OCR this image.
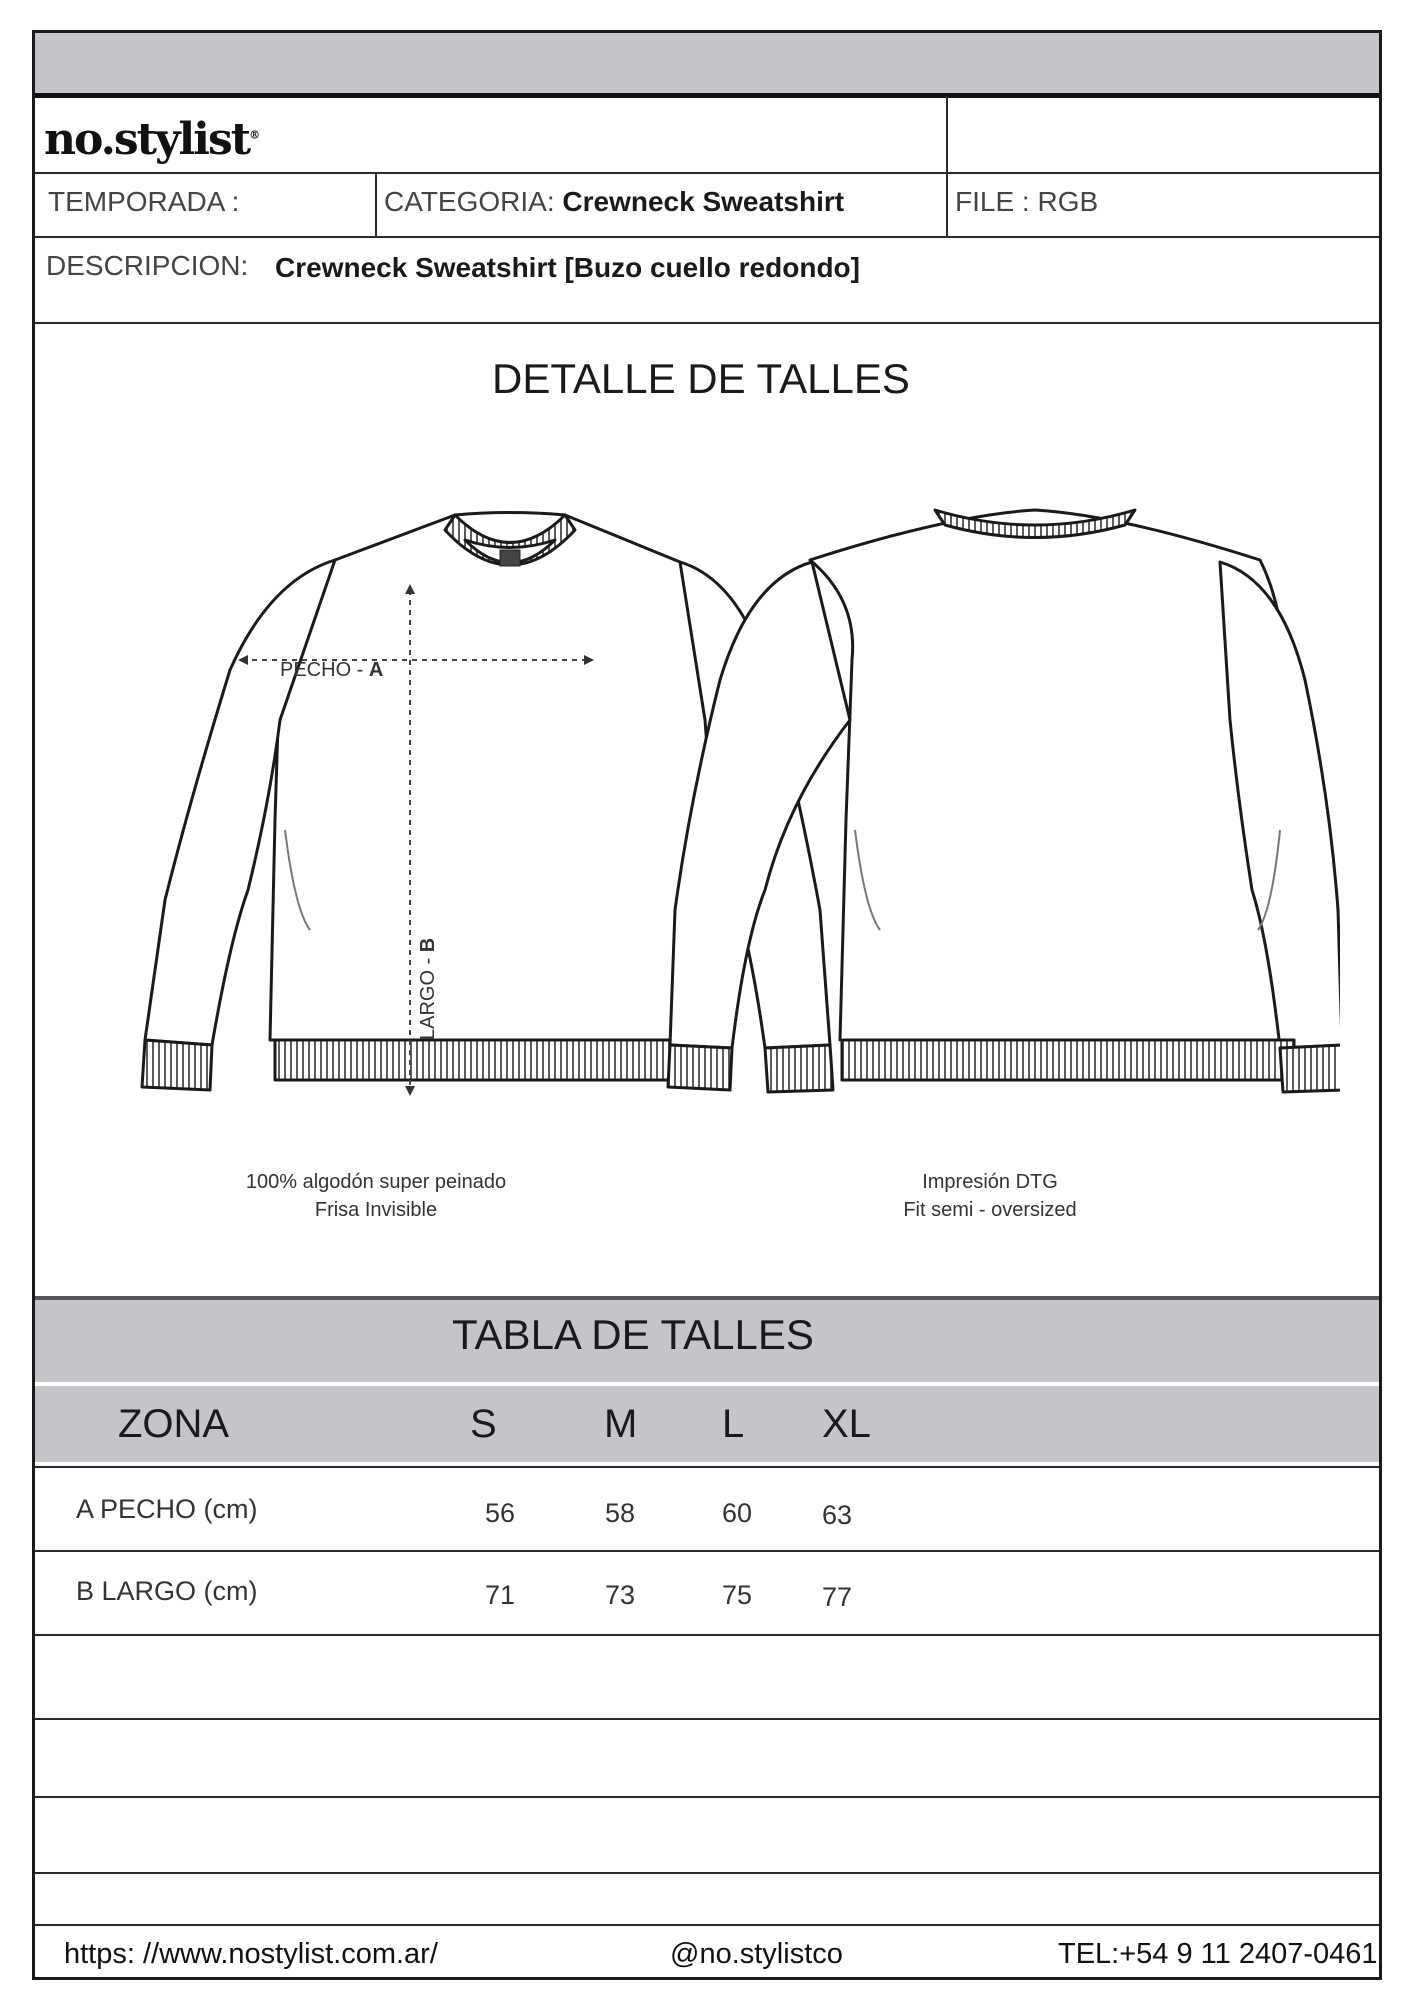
no.stylist®
TEMPORADA :	CATEGORIA: Crewneck Sweatshirt	FILE : RGB
DESCRIPCION: Crewneck Sweatshirt [Buzo cuello redondo]
DETALLE DE TALLES
PECHO - A
LARGO - B
100% algodón super peinado
Frisa Invisible
Impresión DTG
Fit semi - oversized
TABLA DE TALLES
ZONA	S	M L XL
A PECHO (cm)	56	58	60	63
B LARGO (cm)	71	73	75	77
https: //www.nostylist.com.ar/	@no.stylistco	TEL:+54 9 11 2407-0461
